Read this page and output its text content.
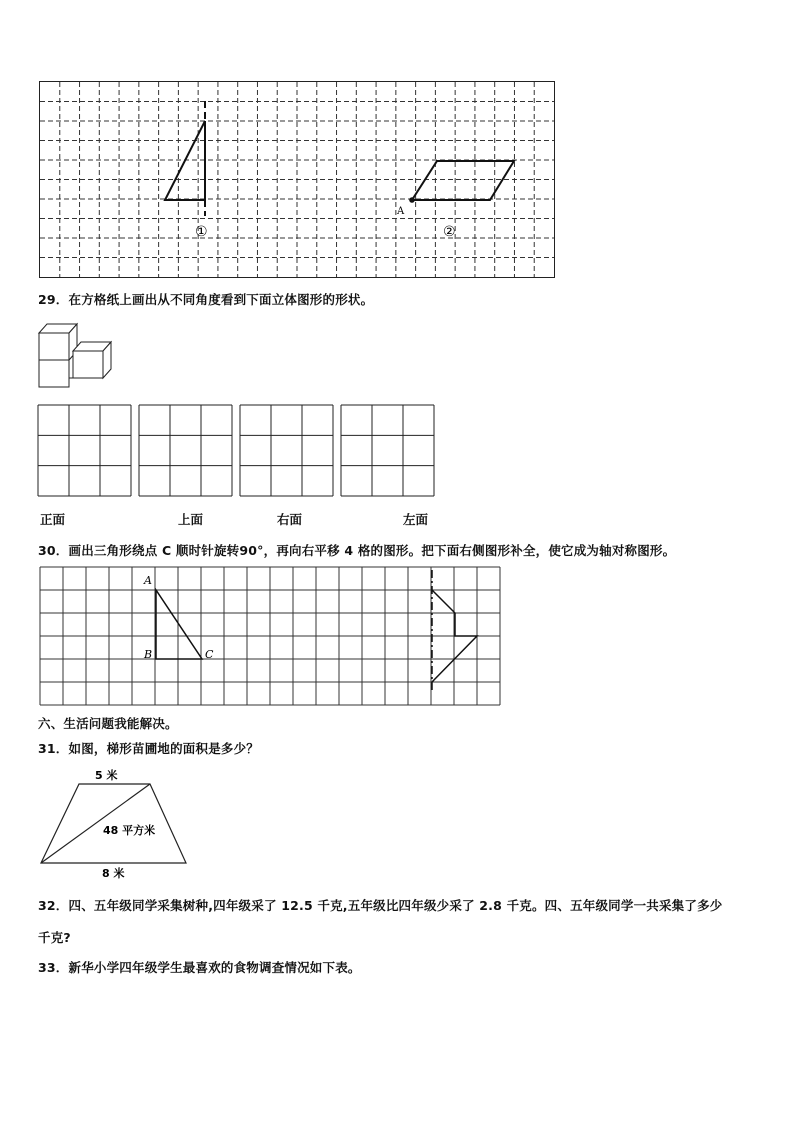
A
①	②
29．在方格纸上画出从不同角度看到下面立体图形的形状。
正面	上面	右面	左面
30．画出三角形绕点 C 顺时针旋转90°，再向右平移 4 格的图形。把下面右侧图形补全，使它成为轴对称图形。
A
B	C
六、生活问题我能解决。
31．如图，梯形苗圃地的面积是多少？
5 米
48 平方米
8 米
32．四、五年级同学采集树种,四年级采了 12.5 千克,五年级比四年级少采了 2.8 千克。四、五年级同学一共采集了多少
千克?
33．新华小学四年级学生最喜欢的食物调查情况如下表。
